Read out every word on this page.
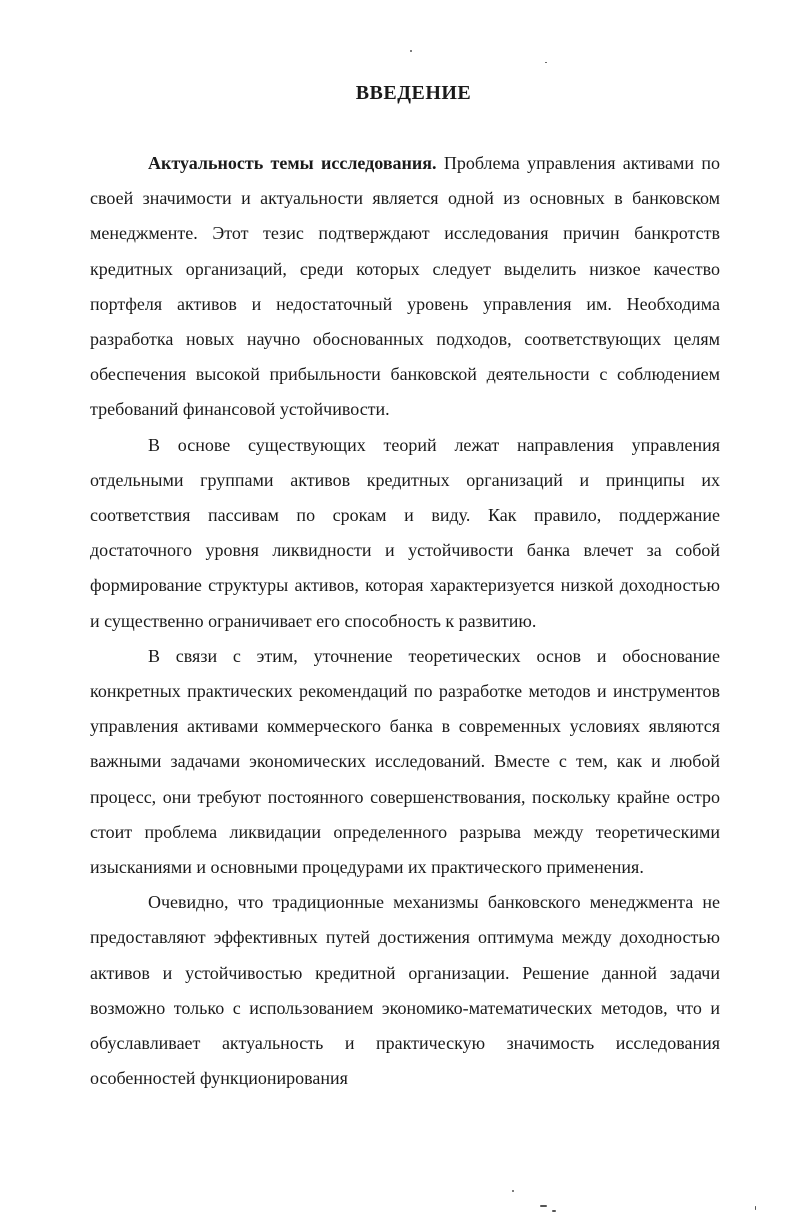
ВВЕДЕНИЕ

Актуальность темы исследования. Проблема управления активами по своей значимости и актуальности является одной из основных в банковском менеджменте. Этот тезис подтверждают исследования причин банкротств кредитных организаций, среди которых следует выделить низкое качество портфеля активов и недостаточный уровень управления им. Необходима разработка новых научно обоснованных подходов, соответствующих целям обеспечения высокой прибыльности банковской деятельности с соблюдением требований финансовой устойчивости.

В основе существующих теорий лежат направления управления отдельными группами активов кредитных организаций и принципы их соответствия пассивам по срокам и виду. Как правило, поддержание достаточного уровня ликвидности и устойчивости банка влечет за собой формирование структуры активов, которая характеризуется низкой доходностью и существенно ограничивает его способность к развитию.

В связи с этим, уточнение теоретических основ и обоснование конкретных практических рекомендаций по разработке методов и инструментов управления активами коммерческого банка в современных условиях являются важными задачами экономических исследований. Вместе с тем, как и любой процесс, они требуют постоянного совершенствования, поскольку крайне остро стоит проблема ликвидации определенного разрыва между теоретическими изысканиями и основными процедурами их практического применения.

Очевидно, что традиционные механизмы банковского менеджмента не предоставляют эффективных путей достижения оптимума между доходностью активов и устойчивостью кредитной организации. Решение данной задачи возможно только с использованием экономико-математических методов, что и обуславливает актуальность и практическую значимость исследования особенностей функционирования
